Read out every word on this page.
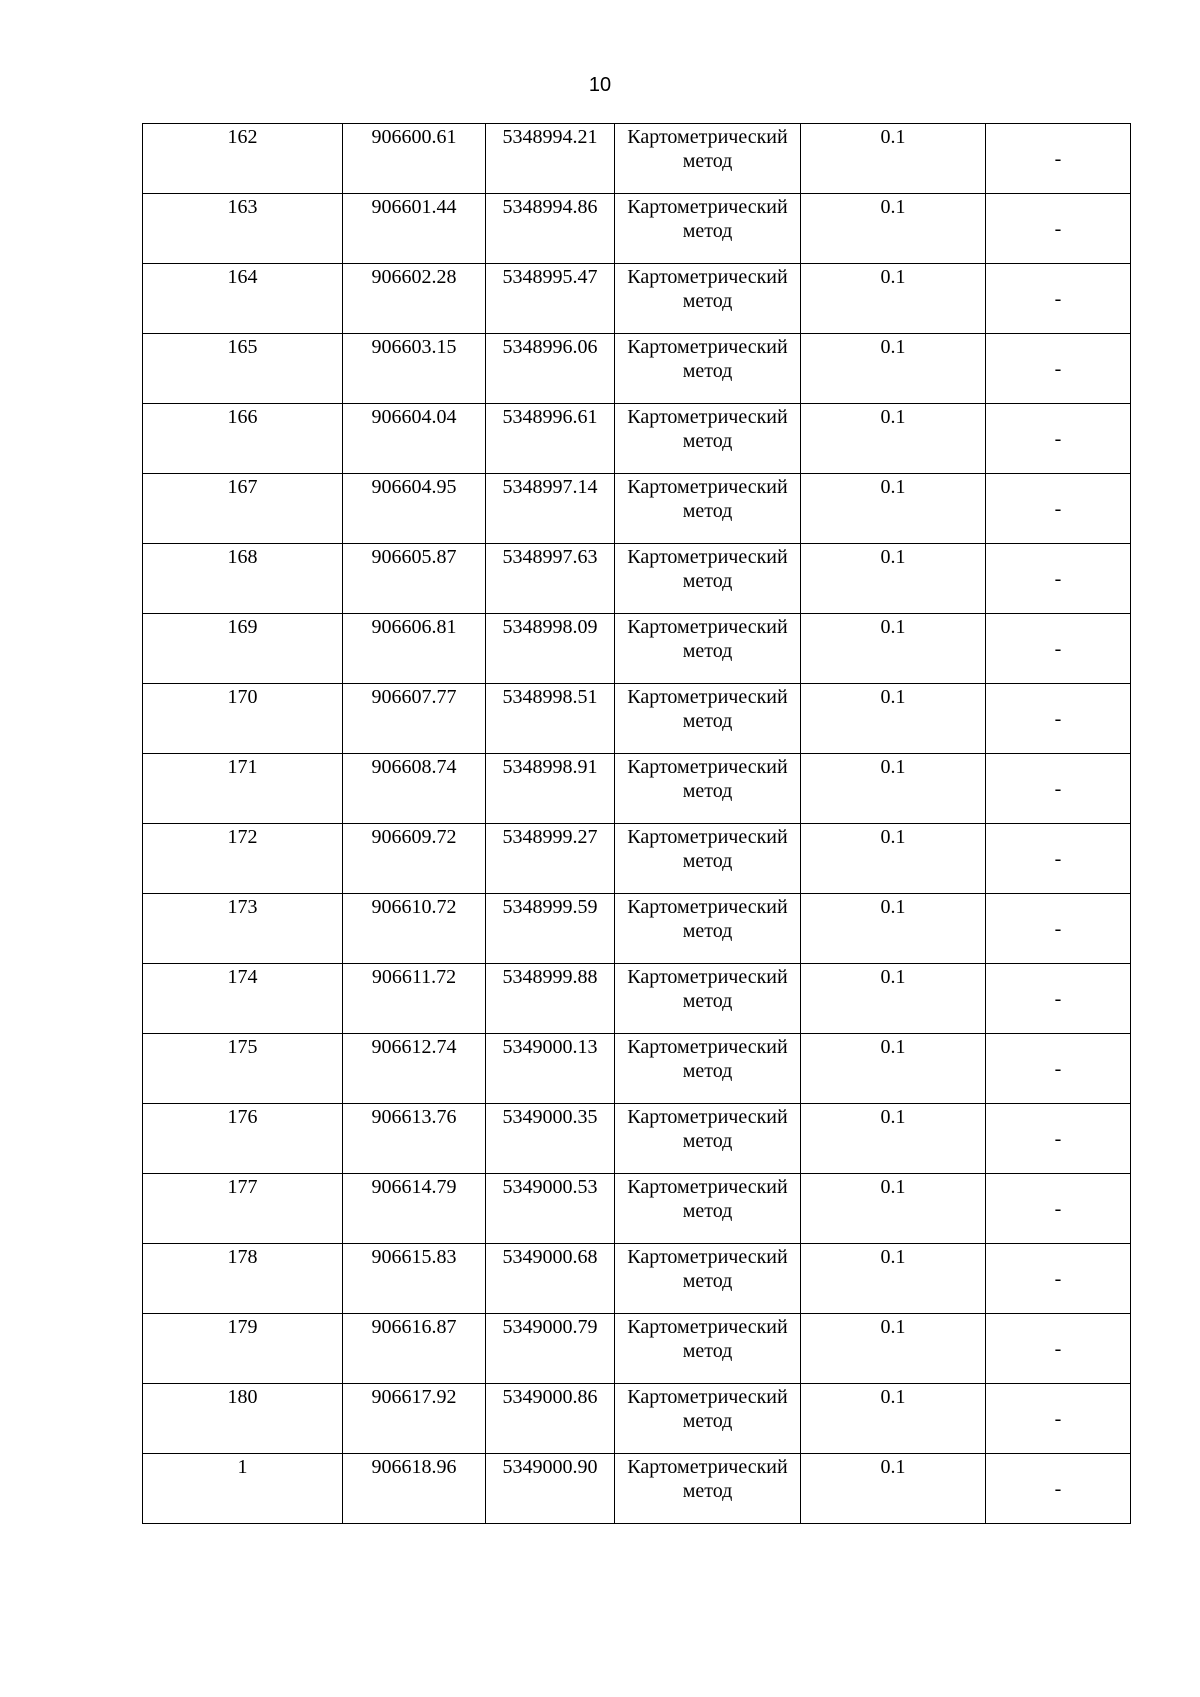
10
162	906600.61	5348994.21	Картометрический метод	0.1	-

163	906601.44	5348994.86	Картометрический метод	0.1	-

164	906602.28	5348995.47	Картометрический метод	0.1	-

165	906603.15	5348996.06	Картометрический метод	0.1	-

166	906604.04	5348996.61	Картометрический метод	0.1	-

167	906604.95	5348997.14	Картометрический метод	0.1	-

168	906605.87	5348997.63	Картометрический метод	0.1	-

169	906606.81	5348998.09	Картометрический метод	0.1	-

170	906607.77	5348998.51	Картометрический метод	0.1	-

171	906608.74	5348998.91	Картометрический метод	0.1	-

172	906609.72	5348999.27	Картометрический метод	0.1	-

173	906610.72	5348999.59	Картометрический метод	0.1	-

174	906611.72	5348999.88	Картометрический метод	0.1	-

175	906612.74	5349000.13	Картометрический метод	0.1	-

176	906613.76	5349000.35	Картометрический метод	0.1	-

177	906614.79	5349000.53	Картометрический метод	0.1	-

178	906615.83	5349000.68	Картометрический метод	0.1	-

179	906616.87	5349000.79	Картометрический метод	0.1	-

180	906617.92	5349000.86	Картометрический метод	0.1	-

1	906618.96	5349000.90	Картометрический метод	0.1	-
